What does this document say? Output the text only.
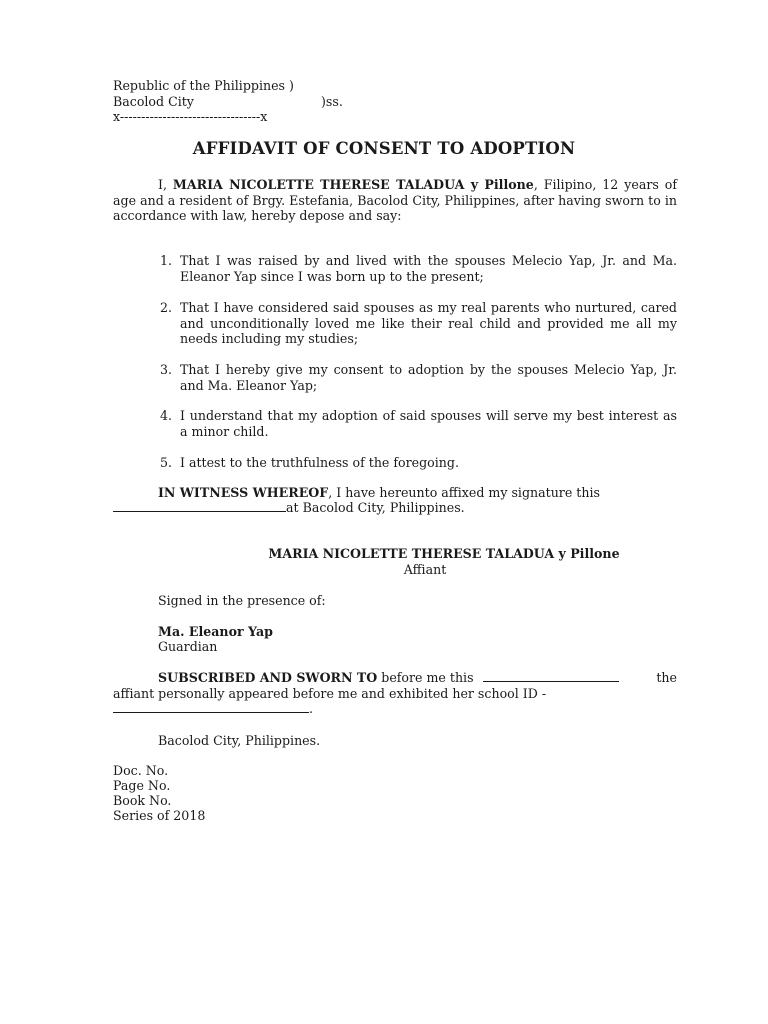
Republic of the Philippines )
Bacolod City	)ss.
x---------------------------------x
AFFIDAVIT OF CONSENT TO ADOPTION
I, MARIA NICOLETTE THERESE TALADUA y Pillone, Filipino, 12 years of age and a resident of Brgy. Estefania, Bacolod City, Philippines, after having sworn to in accordance with law, hereby depose and say:
1. That I was raised by and lived with the spouses Melecio Yap, Jr. and Ma. Eleanor Yap since I was born up to the present;
2. That I have considered said spouses as my real parents who nurtured, cared and unconditionally loved me like their real child and provided me all my needs including my studies;
3. That I hereby give my consent to adoption by the spouses Melecio Yap, Jr. and Ma. Eleanor Yap;
4. I understand that my adoption of said spouses will serve my best interest as a minor child.
5. I attest to the truthfulness of the foregoing.
IN WITNESS WHEREOF, I have hereunto affixed my signature this
at Bacolod City, Philippines.
MARIA NICOLETTE THERESE TALADUA y Pillone
Affiant
Signed in the presence of:
Ma. Eleanor Yap
Guardian
SUBSCRIBED AND SWORN TO before me this	the
affiant personally appeared before me and exhibited her school ID -
.
Bacolod City, Philippines.
Doc. No.
Page No.
Book No.
Series of 2018
